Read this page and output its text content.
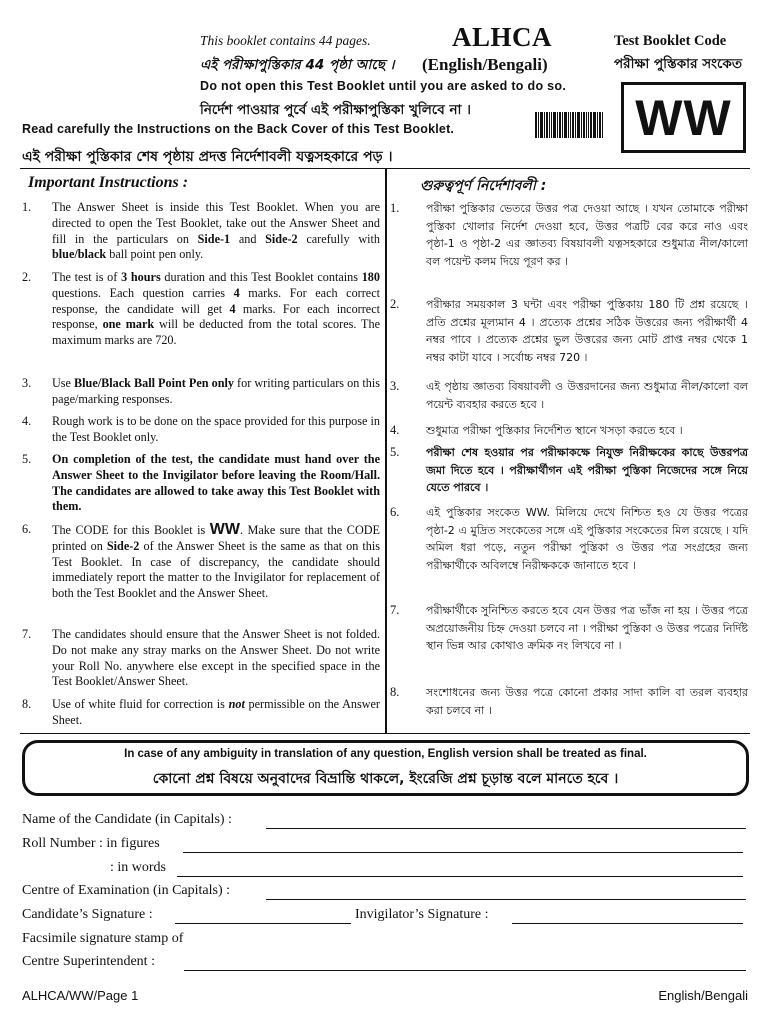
This booklet contains 44 pages.
এই পরীক্ষাপুস্তিকার 44 পৃষ্ঠা আছে ।
ALHCA
(English/Bengali)
Test Booklet Code
পরীক্ষা পুস্তিকার সংকেত
Do not open this Test Booklet until you are asked to do so.
নির্দেশ পাওয়ার পুর্বে এই পরীক্ষাপুস্তিকা খুলিবে না ।
Read carefully the Instructions on the Back Cover of this Test Booklet.
এই পরীক্ষা পুস্তিকার শেষ পৃষ্ঠায় প্রদত্ত নির্দেশাবলী যত্নসহকারে পড় ।
WW
Important Instructions :	গুরুত্বপূর্ণ নির্দেশাবলী :
1. The Answer Sheet is inside this Test Booklet. When you are directed to open the Test Booklet, take out the Answer Sheet and fill in the particulars on Side-1 and Side-2 carefully with blue/black ball point pen only.
2. The test is of 3 hours duration and this Test Booklet contains 180 questions. Each question carries 4 marks. For each correct response, the candidate will get 4 marks. For each incorrect response, one mark will be deducted from the total scores. The maximum marks are 720.
3. Use Blue/Black Ball Point Pen only for writing particulars on this page/marking responses.
4. Rough work is to be done on the space provided for this purpose in the Test Booklet only.
5. On completion of the test, the candidate must hand over the Answer Sheet to the Invigilator before leaving the Room/Hall. The candidates are allowed to take away this Test Booklet with them.
6. The CODE for this Booklet is WW. Make sure that the CODE printed on Side-2 of the Answer Sheet is the same as that on this Test Booklet. In case of discrepancy, the candidate should immediately report the matter to the Invigilator for replacement of both the Test Booklet and the Answer Sheet.
7. The candidates should ensure that the Answer Sheet is not folded. Do not make any stray marks on the Answer Sheet. Do not write your Roll No. anywhere else except in the specified space in the Test Booklet/Answer Sheet.
8. Use of white fluid for correction is not permissible on the Answer Sheet.
1. পরীক্ষা পুস্তিকার ভেতরে উত্তর পত্র দেওয়া আছে । যখন তোমাকে পরীক্ষা পুস্তিকা খোলার নির্দেশ দেওয়া হবে, উত্তর পত্রটি বের করে নাও এবং পৃষ্ঠা-1 ও পৃষ্ঠা-2 এর জ্ঞাতব্য বিষয়াবলী যত্নসহকারে শুধুমাত্র নীল/কালো বল পয়েন্ট কলম দিয়ে পূরণ কর ।
2. পরীক্ষার সময়কাল 3 ঘন্টা এবং পরীক্ষা পুস্তিকায় 180 টি প্রশ্ন রয়েছে । প্রতি প্রশ্নের মূল্যমান 4 । প্রত্যেক প্রশ্নের সঠিক উত্তরের জন্য পরীক্ষার্থী 4 নম্বর পাবে । প্রত্যেক প্রশ্নের ভুল উত্তরের জন্য মোট প্রাপ্ত নম্বর থেকে 1 নম্বর কাটা যাবে । সর্বোচ্চ নম্বর 720 ।
3. এই পৃষ্ঠায় জ্ঞাতব্য বিষয়াবলী ও উত্তরদানের জন্য শুধুমাত্র নীল/কালো বল পয়েন্ট ব্যবহার করতে হবে ।
4. শুধুমাত্র পরীক্ষা পুস্তিকার নির্দেশিত স্থানে খসড়া করতে হবে ।
5. পরীক্ষা শেষ হওয়ার পর পরীক্ষাকক্ষে নিযুক্ত নিরীক্ষকের কাছে উত্তরপত্র জমা দিতে হবে । পরীক্ষার্থীগন এই পরীক্ষা পুস্তিকা নিজেদের সঙ্গে নিয়ে যেতে পারবে ।
6. এই পুস্তিকার সংকেত WW. মিলিয়ে দেখে নিশ্চিত হও যে উত্তর পত্রের পৃষ্ঠা-2 এ মুদ্রিত সংকেতের সঙ্গে এই পুস্তিকার সংকেতের মিল রয়েছে । যদি অমিল ধরা পড়ে, নতুন পরীক্ষা পুস্তিকা ও উত্তর পত্র সংগ্রহের জন্য পরীক্ষার্থীকে অবিলম্বে নিরীক্ষককে জানাতে হবে ।
7. পরীক্ষার্থীকে সুনিশ্চিত করতে হবে যেন উত্তর পত্র ভাঁজ না হয় । উত্তর পত্রে অপ্রয়োজনীয় চিহ্ন দেওয়া চলবে না । পরীক্ষা পুস্তিকা ও উত্তর পত্রের নির্দিষ্ট স্থান ভিন্ন আর কোথাও ক্রমিক নং লিখবে না ।
8. সংশোধনের জন্য উত্তর পত্রে কোনো প্রকার সাদা কালি বা তরল ব্যবহার করা চলবে না ।
In case of any ambiguity in translation of any question, English version shall be treated as final.
কোনো প্রশ্ন বিষয়ে অনুবাদের বিভ্রান্তি থাকলে, ইংরেজি প্রশ্ন চূড়ান্ত বলে মানতে হবে ।
Name of the Candidate (in Capitals) :
Roll Number : in figures
: in words
Centre of Examination (in Capitals) :
Candidate’s Signature :	Invigilator’s Signature :
Facsimile signature stamp of
Centre Superintendent :
ALHCA/WW/Page 1	English/Bengali
